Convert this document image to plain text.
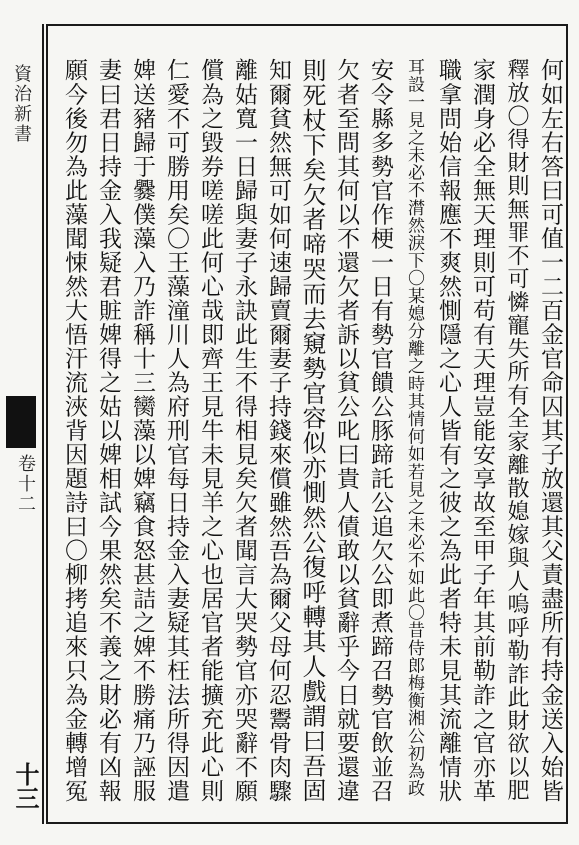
資治新書
卷十二
十三	何如左右答曰可值一二百金官命囚其子放還其父責盡所有持金送入始皆
釋放〇得財則無罪不可憐寵失所有全家離散媳嫁與人嗚呼勒詐此財欲以肥
家潤身必全無天理則可苟有天理豈能安享故至甲子年其前勒詐之官亦革
職拿問始信報應不爽然惻隱之心人皆有之彼之為此者特未見其流離情狀
耳設一見之未必不潸然淚下〇某媳分離之時其情何如若見之未必不如此〇昔侍郎梅衡湘公初為政
安令縣多勢官作梗一日有勢官饋公豚蹄託公追欠公即煮蹄召勢官飲並召
欠者至問其何以不還欠者訴以貧公叱曰貴人債敢以貧辭乎今日就要還違
則死杖下矣欠者啼哭而去窺勢官容似亦惻然公復呼轉其人戲謂曰吾固
知爾貧然無可如何速歸賣爾妻子持錢來償雖然吾為爾父母何忍鬻骨肉驟
離姑寬一日歸與妻子永訣此生不得相見矣欠者聞言大哭勢官亦哭辭不願
償為之毀券嗟嗟此何心哉即齊王見牛未見羊之心也居官者能擴充此心則
仁愛不可勝用矣〇王藻潼川人為府刑官每日持金入妻疑其枉法所得因遣
婢送豬歸于爨僕藻入乃詐稱十三臠藻以婢竊食怒甚詰之婢不勝痛乃誣服
妻曰君日持金入我疑君賍婢得之姑以婢相試今果然矣不義之財必有凶報
願今後勿為此藻聞悚然大悟汗流浹背因題詩曰〇柳拷追來只為金轉增冤
